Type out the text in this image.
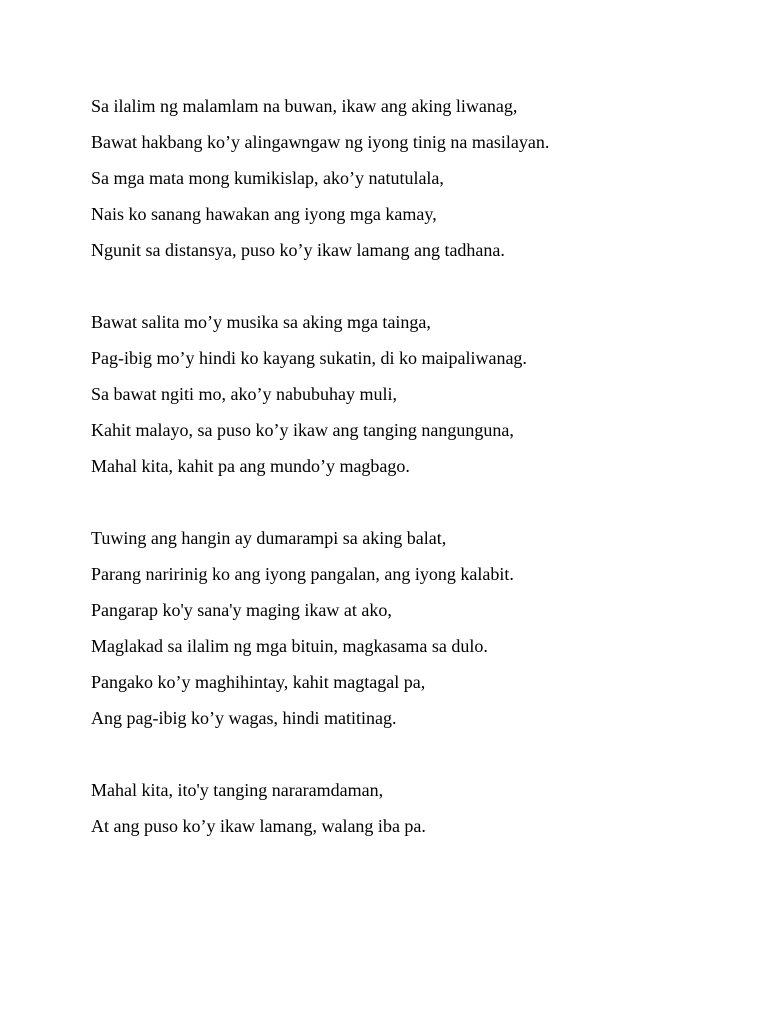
Sa ilalim ng malamlam na buwan, ikaw ang aking liwanag,
Bawat hakbang ko’y alingawngaw ng iyong tinig na masilayan.
Sa mga mata mong kumikislap, ako’y natutulala,
Nais ko sanang hawakan ang iyong mga kamay,
Ngunit sa distansya, puso ko’y ikaw lamang ang tadhana.
Bawat salita mo’y musika sa aking mga tainga,
Pag-ibig mo’y hindi ko kayang sukatin, di ko maipaliwanag.
Sa bawat ngiti mo, ako’y nabubuhay muli,
Kahit malayo, sa puso ko’y ikaw ang tanging nangunguna,
Mahal kita, kahit pa ang mundo’y magbago.
Tuwing ang hangin ay dumarampi sa aking balat,
Parang naririnig ko ang iyong pangalan, ang iyong kalabit.
Pangarap ko'y sana'y maging ikaw at ako,
Maglakad sa ilalim ng mga bituin, magkasama sa dulo.
Pangako ko’y maghihintay, kahit magtagal pa,
Ang pag-ibig ko’y wagas, hindi matitinag.
Mahal kita, ito'y tanging nararamdaman,
At ang puso ko’y ikaw lamang, walang iba pa.
